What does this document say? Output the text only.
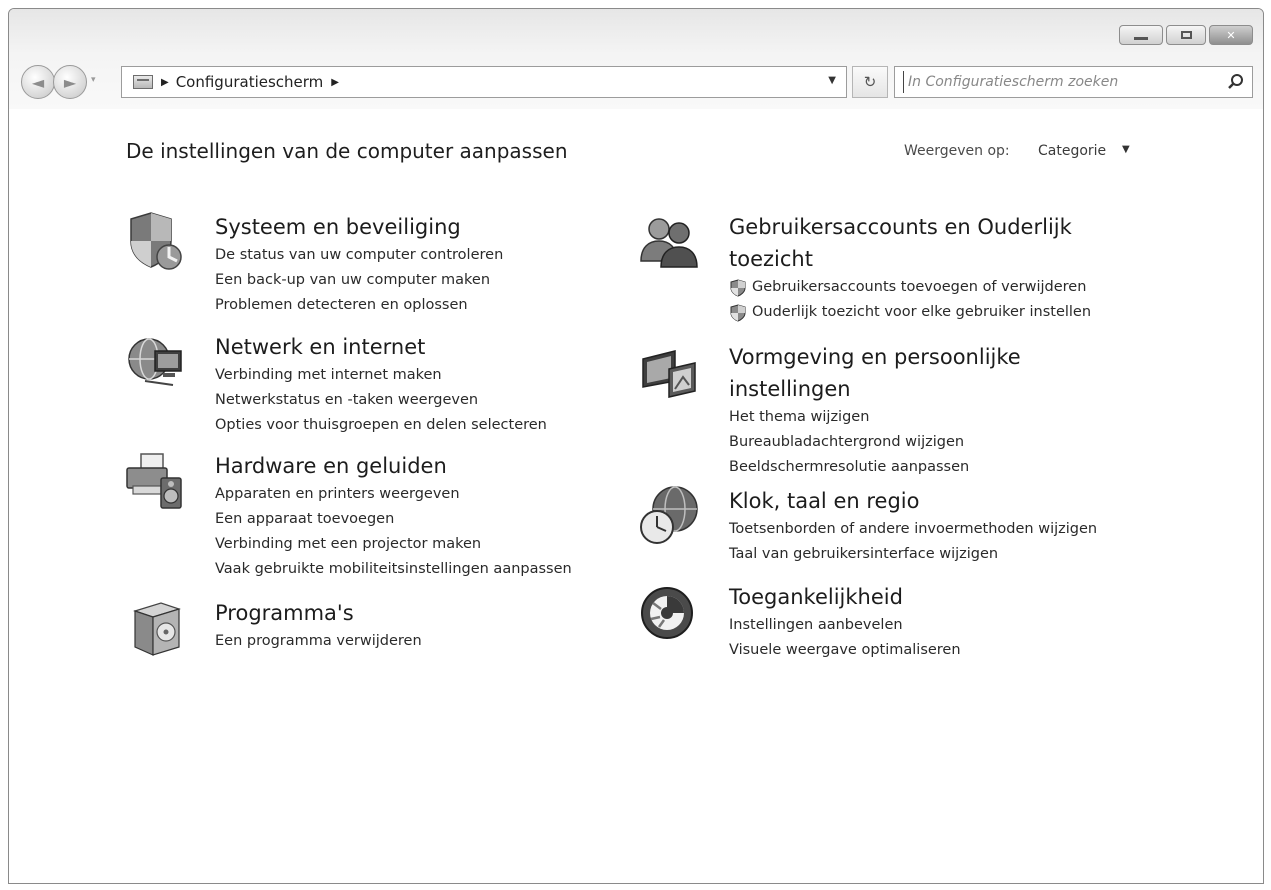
✕
◄ ► ▾	▶ Configuratiescherm ▶	▼ ↻
In Configuratiescherm zoeken
De instellingen van de computer aanpassen	Weergeven op: Categorie ▼
Systeem en beveiliging
De status van uw computer controleren
Een back-up van uw computer maken
Problemen detecteren en oplossen
Netwerk en internet
Verbinding met internet maken
Netwerkstatus en -taken weergeven
Opties voor thuisgroepen en delen selecteren
Hardware en geluiden
Apparaten en printers weergeven
Een apparaat toevoegen
Verbinding met een projector maken
Vaak gebruikte mobiliteitsinstellingen aanpassen
Programma's
Een programma verwijderen
Gebruikersaccounts en Ouderlijk toezicht
Gebruikersaccounts toevoegen of verwijderen
Ouderlijk toezicht voor elke gebruiker instellen
Vormgeving en persoonlijke instellingen
Het thema wijzigen
Bureaubladachtergrond wijzigen
Beeldschermresolutie aanpassen
Klok, taal en regio
Toetsenborden of andere invoermethoden wijzigen
Taal van gebruikersinterface wijzigen
Toegankelijkheid
Instellingen aanbevelen
Visuele weergave optimaliseren
